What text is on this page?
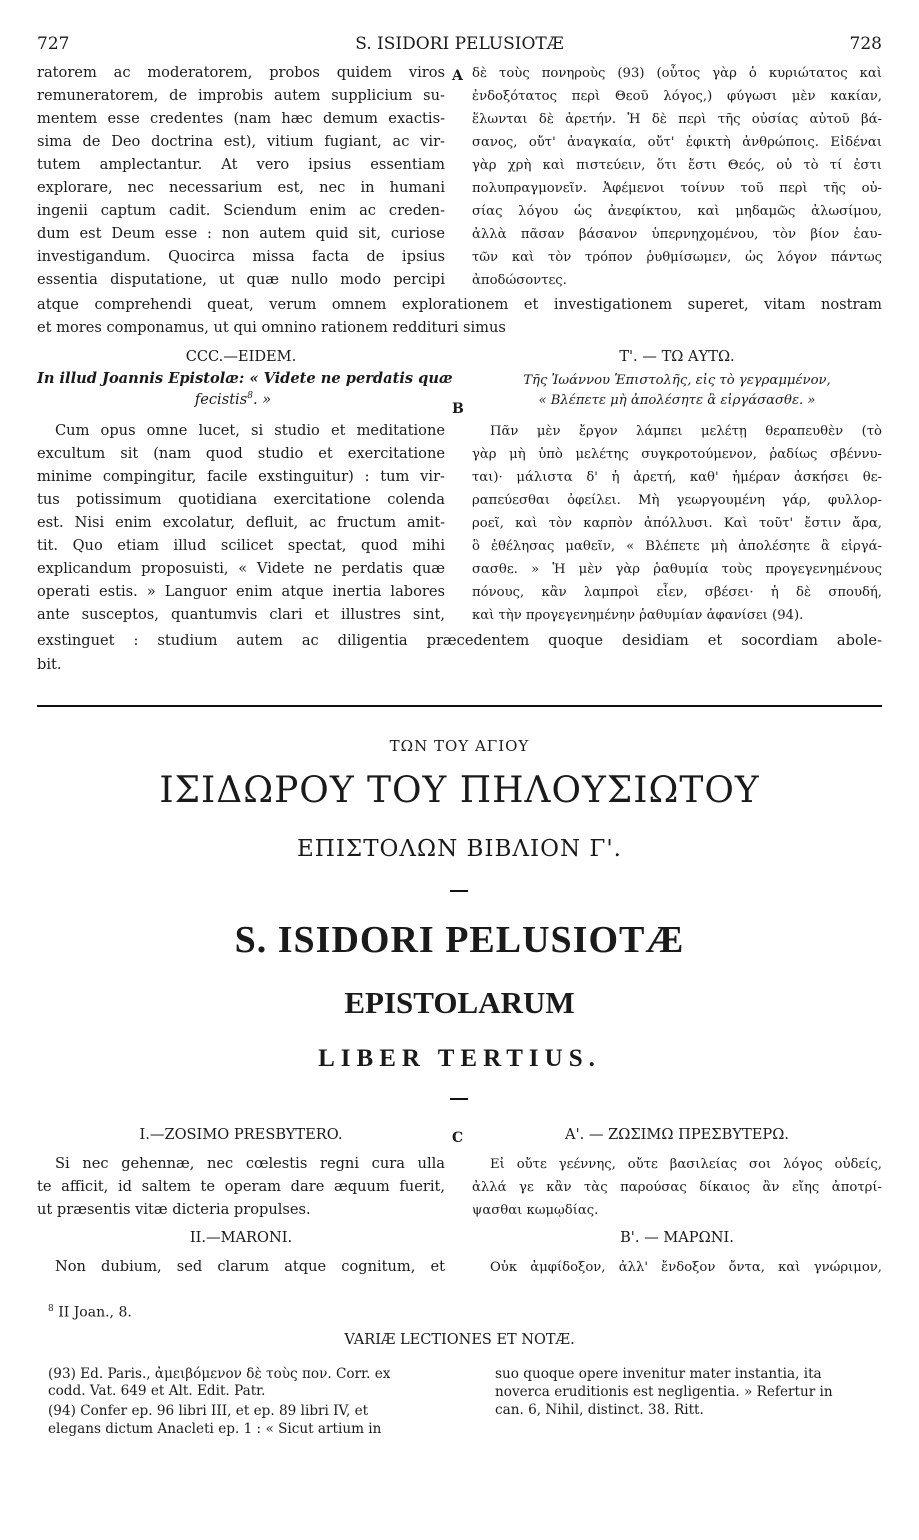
727	S. ISIDORI PELUSIOTÆ	728
ratorem ac moderatorem, probos quidem viros
remuneratorem, de improbis autem supplicium su-
mentem esse credentes (nam hæc demum exactis-
sima de Deo doctrina est), vitium fugiant, ac vir-
tutem amplectantur. At vero ipsius essentiam
explorare, nec necessarium est, nec in humani
ingenii captum cadit. Sciendum enim ac creden-
dum est Deum esse : non autem quid sit, curiose
investigandum. Quocirca missa facta de ipsius
essentia disputatione, ut quæ nullo modo percipi
A δὲ τοὺς πονηροὺς (93) (οὗτος γὰρ ὁ κυριώτατος καὶ
ἐνδοξότατος περὶ Θεοῦ λόγος,) φύγωσι μὲν κακίαν,
ἕλωνται δὲ ἀρετήν. Ἡ δὲ περὶ τῆς οὐσίας αὐτοῦ βά-
σανος, οὔτ' ἀναγκαία, οὔτ' ἐφικτὴ ἀνθρώποις. Εἰδέναι
γὰρ χρὴ καὶ πιστεύειν, ὅτι ἔστι Θεός, οὐ τὸ τί ἐστι
πολυπραγμονεῖν. Ἀφέμενοι τοίνυν τοῦ περὶ τῆς οὐ-
σίας λόγου ὡς ἀνεφίκτου, καὶ μηδαμῶς ἀλωσίμου,
ἀλλὰ πᾶσαν βάσανον ὑπερνηχομένου, τὸν βίον ἑαυ-
τῶν καὶ τὸν τρόπον ῥυθμίσωμεν, ὡς λόγον πάντως
ἀποδώσοντες.
atque comprehendi queat, verum omnem explorationem et investigationem superet, vitam nostram
et mores componamus, ut qui omnino rationem reddituri simus
CCC.—EIDEM.	Τ'. — ΤΩ ΑΥΤΩ.
In illud Joannis Epistolæ: « Videte ne perdatis quæ
fecistis$^8$. »
B
Τῆς Ἰωάννου Ἐπιστολῆς, εἰς τὸ γεγραμμένον,
« Βλέπετε μὴ ἀπολέσητε ἃ εἰργάσασθε. »
Cum opus omne lucet, si studio et meditatione
excultum sit (nam quod studio et exercitatione
minime compingitur, facile exstinguitur) : tum vir-
tus potissimum quotidiana exercitatione colenda
est. Nisi enim excolatur, defluit, ac fructum amit-
tit. Quo etiam illud scilicet spectat, quod mihi
explicandum proposuisti, « Videte ne perdatis quæ
operati estis. » Languor enim atque inertia labores
ante susceptos, quantumvis clari et illustres sint,
Πᾶν μὲν ἔργον λάμπει μελέτῃ θεραπευθὲν (τὸ
γὰρ μὴ ὑπὸ μελέτης συγκροτούμενον, ῥαδίως σβέννυ-
ται)· μάλιστα δ' ἡ ἀρετή, καθ' ἡμέραν ἀσκήσει θε-
ραπεύεσθαι ὀφείλει. Μὴ γεωργουμένη γάρ, φυλλορ-
ροεῖ, καὶ τὸν καρπὸν ἀπόλλυσι. Καὶ τοῦτ' ἔστιν ἄρα,
ὃ ἐθέλησας μαθεῖν, « Βλέπετε μὴ ἀπολέσητε ἃ εἰργά-
σασθε. » Ἡ μὲν γὰρ ῥαθυμία τοὺς προγεγενημένους
πόνους, κἂν λαμπροὶ εἶεν, σβέσει· ἡ δὲ σπουδή,
καὶ τὴν προγεγενημένην ῥαθυμίαν ἀφανίσει (94).
exstinguet : studium autem ac diligentia præcedentem quoque desidiam et socordiam abole-
bit.
ΤΩΝ ΤΟΥ ΑΓΙΟΥ
ΙΣΙΔΩΡΟΥ ΤΟΥ ΠΗΛΟΥΣΙΩΤΟΥ
ΕΠΙΣΤΟΛΩΝ ΒΙΒΛΙΟΝ Γ'.
S. ISIDORI PELUSIOTÆ
EPISTOLARUM
LIBER TERTIUS.
I.—ZOSIMO PRESBYTERO.	C	Α'. — ΖΩΣΙΜΩ ΠΡΕΣΒΥΤΕΡΩ.
Si nec gehennæ, nec cœlestis regni cura ulla
te afficit, id saltem te operam dare æquum fuerit,
ut præsentis vitæ dicteria propulses.
Εἰ οὔτε γεέννης, οὔτε βασιλείας σοι λόγος οὐδείς,
ἀλλά γε κἂν τὰς παρούσας δίκαιος ἂν εἴης ἀποτρί-
ψασθαι κωμῳδίας.
II.—MARONI.	Β'. — ΜΑΡΩΝΙ.
Non dubium, sed clarum atque cognitum, et	Οὐκ ἀμφίδοξον, ἀλλ' ἔνδοξον ὄντα, καὶ γνώριμον,
$^8$ II Joan., 8.
VARIÆ LECTIONES ET NOTÆ.
(93) Ed. Paris., ἀμειβόμενον δὲ τοὺς πον. Corr. ex
codd. Vat. 649 et Alt. Edit. Patr.
(94) Confer ep. 96 libri III, et ep. 89 libri IV, et
elegans dictum Anacleti ep. 1 : « Sicut artium in
suo quoque opere invenitur mater instantia, ita
noverca eruditionis est negligentia. » Refertur in
can. 6, Nihil, distinct. 38. Ritt.
